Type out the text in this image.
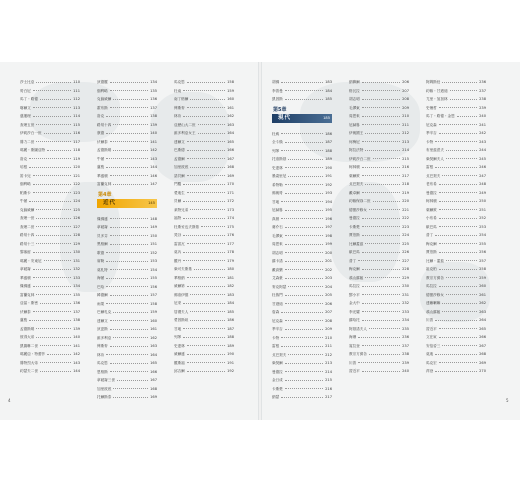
莎士比亞	110
哥白尼	111
馬丁・路德	112
喀爾文	113
慈運理	114
查理五世	115
伊莉莎白一世	116
腓力二世	117
瑪麗・斯圖亞特	118
洛克	119
培根	120
笛卡兒	121
伽利略	122
帕斯卡	123
牛頓	124
克倫威爾	125
查理一世	126
查理二世	127
路易十四	128
路易十三	129
黎塞留	130
瑪麗・安東尼	131
拿破崙	132
華盛頓	133
傑佛遜	134
富蘭克林	135
亞當・斯密	136
伏爾泰	137
盧梭	138
孟德斯鳩	139
彼得大帝	140
凱薩琳二世	141
瑪麗亞・特蕾莎	142
腓特烈大帝	143
約瑟夫二世	144
狄德羅	134
伽利略	135
克倫威爾	136
霍布斯	137
洛克	138
路易十四	139
康德	140
伏爾泰	141
孟德斯鳩	142
牛頓	143
盧梭	144
華盛頓	146
富蘭克林	147
第4章
近代	145
傑佛遜	148
拿破崙	149
貝多芬	150
黑格爾	151
歌德	152
席勒	153
莫札特	154
海頓	155
巴哈	156
韓德爾	157
雨果	158
巴爾札克	159
達爾文	160
狄更斯	161
維多利亞	162
俾斯麥	163
林肯	164
馬克思	165
恩格斯	166
拿破崙三世	167
加里波底	168
托爾斯泰	169
馬克思	158
杜南	159
南丁格爾	160
俾斯麥	161
林肯	162
亞歷山大二世	163
維多利亞女王	164
達爾文	165
巴斯德	166
孟德爾	167
加里波底	168
諾貝爾	169
門羅	170
愛迪生	171
貝爾	172
萊特兄弟	173
福特	174
杜斯妥也夫斯基	175
梵谷	176
雷諾瓦	177
莫內	178
羅丹	179
柴可夫斯基	180
華格納	181
威爾第	182
佛洛伊德	183
尼采	184
居禮夫人	185
愛因斯坦	186
甘地	187
列寧	188
史達林	189
威爾遜	190
羅斯福	191
邱吉爾	192
胡佛	183
李普曼	184
凱因斯	185
第5章
現代	185
杜威	186
全斗煥	187
列寧	188
托洛斯基	189
史達林	190
墨索里尼	191
希特勒	192
佛朗哥	193
甘地	194
尼赫魯	195
真納	196
蔣介石	197
毛澤東	198
周恩來	199
胡志明	200
蘇卡諾	201
戴高樂	202
艾森豪	203
麥克阿瑟	204
杜魯門	205
甘迺迪	206
詹森	207
尼克森	208
季辛吉	209
卡特	210
雷根	211
戈巴契夫	212
柴契爾	213
曼德拉	214
金日成	215
卡斯楚	216
納瑟	217
納賽爾	206
格瓦拉	207
胡志明	208
毛澤東	209
周恩來	210
尼赫魯	211
伊朗國王	212
何梅尼	213
阿拉法特	214
伊莉莎白二世	215
柯林頓	216
葉爾欽	217
戈巴契夫	218
戴卓爾	219
約翰保祿二世	220
德蕾莎修女	221
曼德拉	222
卡斯楚	223
賈伯斯	224
比爾蓋茲	225
歐巴馬	226
普丁	227
梅克爾	228
翁山蘇姬	229
馬拉拉	230
鄧小平	231
金大中	232
李光耀	233
蘇哈托	234
阿基諾夫人	235
海珊	236
賓拉登	237
教宗方濟各	238
川普	239
習近平	240
阿姆斯壯	236
約翰・甘迺迪	237
尤里・加加林	238
史懷哲	239
馬丁・路德・金恩	240
尼克森	241
季辛吉	242
卡特	243
布里茲涅夫	244
柴契爾夫人	245
雷根	246
戈巴契夫	247
老布希	248
曼德拉	249
柯林頓	250
葉爾欽	251
小布希	252
歐巴馬	253
普丁	254
梅克爾	255
賈伯斯	256
比爾・蓋茲	257
祖克柏	258
教宗方濟各	259
馬拉拉	260
德蕾莎修女	261
達賴喇嘛	262
翁山蘇姬	263
川普	264
習近平	265
文在寅	266
安倍晉三	267
莫迪	268
馬克宏	269
拜登	270
4	5
